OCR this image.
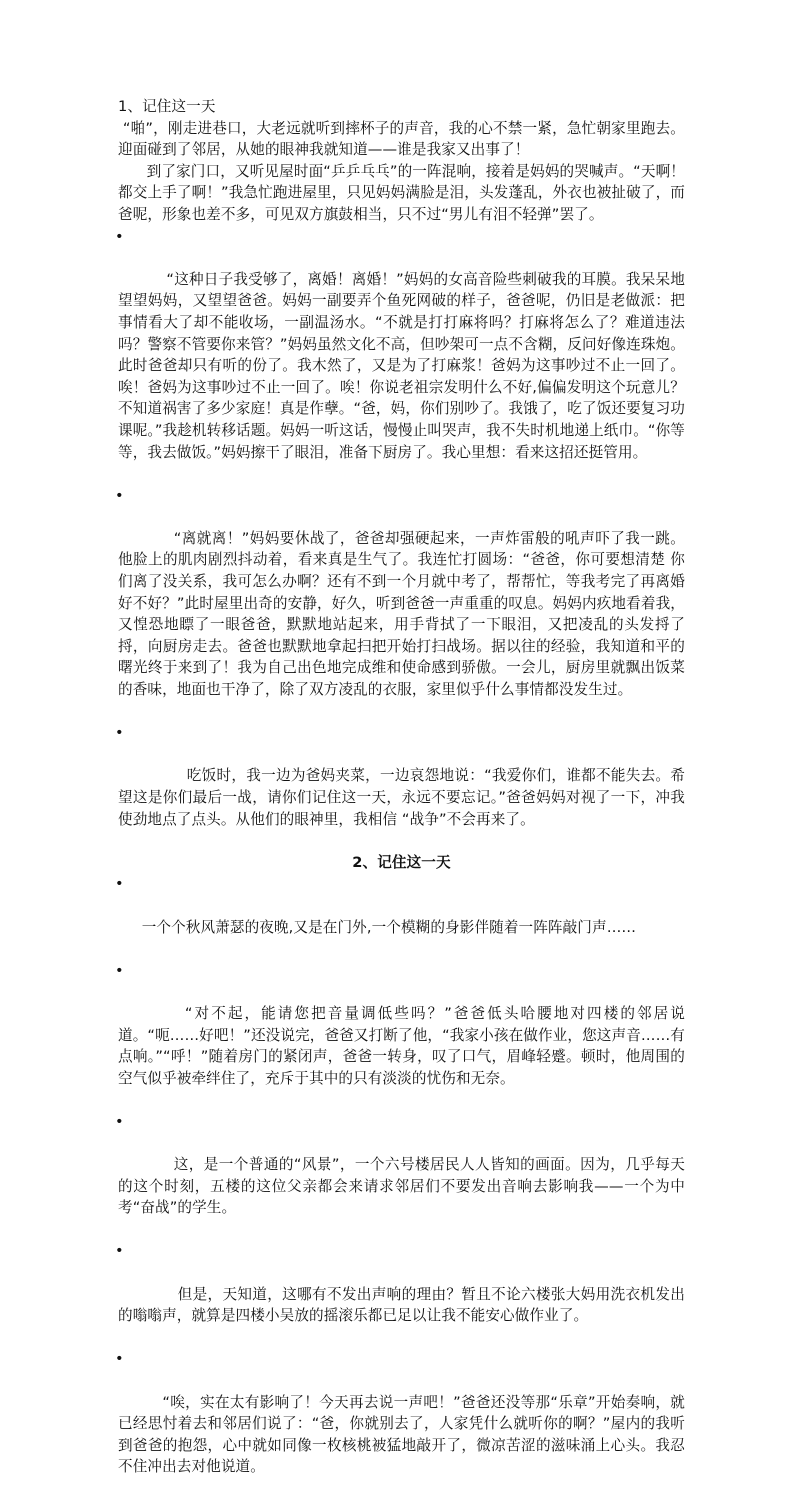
1、记住这一天

“啪”，刚走进巷口，大老远就听到摔杯子的声音，我的心不禁一紧，急忙朝家里跑去。迎面碰到了邻居，从她的眼神我就知道——谁是我家又出事了！

到了家门口，又听见屋时面“乒乒乓乓”的一阵混响，接着是妈妈的哭喊声。“天啊！都交上手了啊！”我急忙跑进屋里，只见妈妈满脸是泪，头发蓬乱，外衣也被扯破了，而爸呢，形象也差不多，可见双方旗鼓相当，只不过“男儿有泪不轻弹”罢了。

•

“这种日子我受够了，离婚！离婚！”妈妈的女高音险些刺破我的耳膜。我呆呆地望望妈妈，又望望爸爸。妈妈一副要弄个鱼死网破的样子，爸爸呢，仍旧是老做派：把事情看大了却不能收场，一副温汤水。“不就是打打麻将吗？打麻将怎么了？难道违法吗？警察不管要你来管？”妈妈虽然文化不高，但吵架可一点不含糊，反问好像连珠炮。此时爸爸却只有听的份了。我木然了，又是为了打麻浆！爸妈为这事吵过不止一回了。唉！爸妈为这事吵过不止一回了。唉！你说老祖宗发明什么不好,偏偏发明这个玩意儿？不知道祸害了多少家庭！真是作孽。“爸，妈，你们别吵了。我饿了，吃了饭还要复习功课呢。”我趁机转移话题。妈妈一听这话，慢慢止叫哭声，我不失时机地递上纸巾。“你等等，我去做饭。”妈妈擦干了眼泪，准备下厨房了。我心里想：看来这招还挺管用。

•

“离就离！”妈妈要休战了，爸爸却强硬起来，一声炸雷般的吼声吓了我一跳。他脸上的肌肉剧烈抖动着，看来真是生气了。我连忙打圆场：“爸爸，你可要想清楚 你们离了没关系，我可怎么办啊？还有不到一个月就中考了，帮帮忙，等我考完了再离婚好不好？”此时屋里出奇的安静，好久，听到爸爸一声重重的叹息。妈妈内疚地看着我，又惶恐地瞟了一眼爸爸，默默地站起来，用手背拭了一下眼泪，又把凌乱的头发捋了捋，向厨房走去。爸爸也默默地拿起扫把开始打扫战场。据以往的经验，我知道和平的曙光终于来到了！我为自己出色地完成维和使命感到骄傲。一会儿，厨房里就飘出饭菜的香味，地面也干净了，除了双方凌乱的衣服，家里似乎什么事情都没发生过。

•

吃饭时，我一边为爸妈夹菜，一边哀怨地说：“我爱你们，谁都不能失去。希望这是你们最后一战，请你们记住这一天，永远不要忘记。”爸爸妈妈对视了一下，冲我使劲地点了点头。从他们的眼神里，我相信 “战争”不会再来了。

2、记住这一天

•

一个个秋风萧瑟的夜晚,又是在门外,一个模糊的身影伴随着一阵阵敲门声……

•

“对不起，能请您把音量调低些吗？”爸爸低头哈腰地对四楼的邻居说道。“呃……好吧！”还没说完，爸爸又打断了他，“我家小孩在做作业，您这声音……有点响。”“呼！”随着房门的紧闭声，爸爸一转身，叹了口气，眉峰轻蹙。顿时，他周围的空气似乎被牵绊住了，充斥于其中的只有淡淡的忧伤和无奈。

•

这，是一个普通的“风景”，一个六号楼居民人人皆知的画面。因为，几乎每天的这个时刻，五楼的这位父亲都会来请求邻居们不要发出音响去影响我——一个为中考“奋战”的学生。

•

但是，天知道，这哪有不发出声响的理由？暂且不论六楼张大妈用洗衣机发出的嗡嗡声，就算是四楼小吴放的摇滚乐都已足以让我不能安心做作业了。

•

“唉，实在太有影响了！今天再去说一声吧！”爸爸还没等那“乐章”开始奏响，就已经思忖着去和邻居们说了：“爸，你就别去了，人家凭什么就听你的啊？”屋内的我听到爸爸的抱怨，心中就如同像一枚核桃被猛地敲开了，微凉苦涩的滋味涌上心头。我忍不住冲出去对他说道。
